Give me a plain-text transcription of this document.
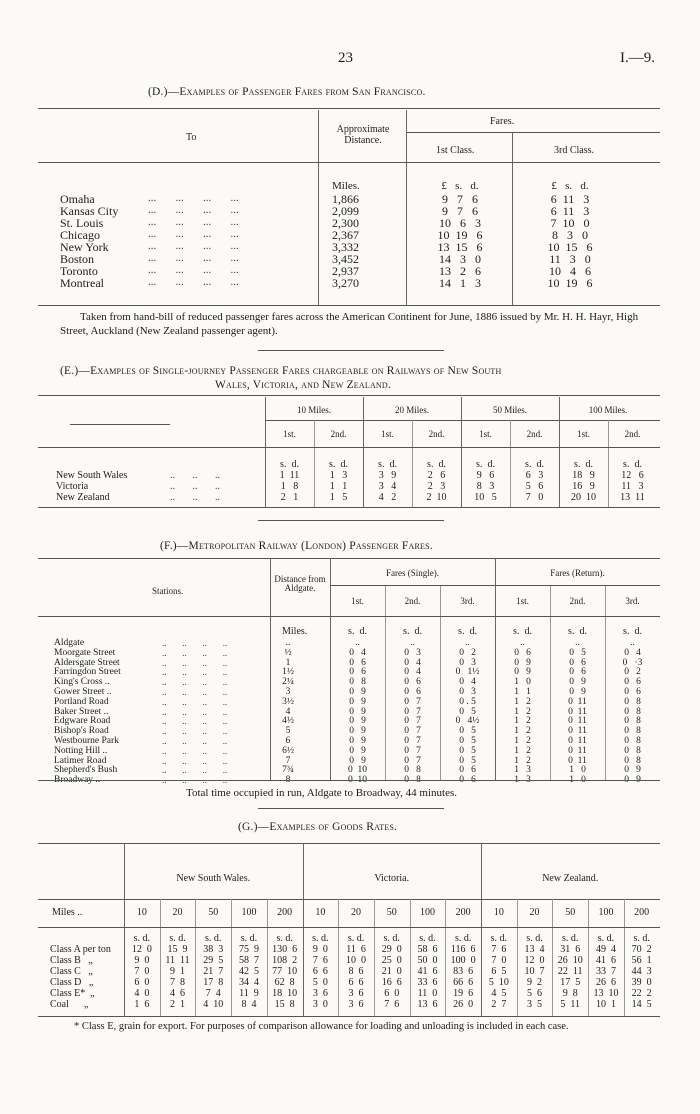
23	I.—9.
(D.)—Examples of Passenger Fares from San Francisco.
To
Approximate Distance.
Fares.
1st Class.	3rd Class.
Miles.	£   s.   d.	£   s.   d.
Omaha	...       ...       ...       ...	1,866	9   7   6	6  11   3
Kansas City	...       ...       ...       ...	2,099	9   7   6	6  11   3
St. Louis	...       ...       ...       ...	2,300	10   6   3	7  10   0
Chicago	...       ...       ...       ...	2,367	10  19   6	8   3   0
New York	...       ...       ...       ...	3,332	13  15   6	10  15   6
Boston	...       ...       ...       ...	3,452	14   3   0	11   3   0
Toronto	...       ...       ...       ...	2,937	13   2   6	10   4   6
Montreal	...       ...       ...       ...	3,270	14   1   3	10  19   6
Taken from hand-bill of reduced passenger fares across the American Continent for June, 1886 issued by Mr. H. H. Hayr, High Street, Auckland (New Zealand passenger agent).
(E.)—Examples of Single-journey Passenger Fares chargeable on Railways of New South
Wales, Victoria, and New Zealand.
10 Miles.	20 Miles.	50 Miles.	100 Miles.
1st.	2nd.	1st.	2nd.	1st.	2nd.	1st.	2nd.
s.  d.	s.  d.	s.  d.	s.  d.	s.  d.	s.  d.	s.  d.	s.  d.
New South Wales	..       ..       ..	1  11	1   3	3   9	2   6	9   6	6   3	18   9	12   6
Victoria	..       ..       ..	1   8	1   1	3   4	2   3	8   3	5   6	16   9	11   3
New Zealand	..       ..       ..	2   1	1   5	4   2	2  10	10   5	7   0	20  10	13  11
(F.)—Metropolitan Railway (London) Passenger Fares.
Stations.
Distance from Aldgate.
Fares (Single).	Fares (Return).
1st.	2nd.	3rd.	1st.	2nd.	3rd.
Miles.	s.  d.	s.  d.	s.  d.	s.  d.	s.  d.	s.  d.
Aldgate	..       ..       ..       ..	..	..	..	..	..	..	..
Moorgate Street	..       ..       ..       ..	½	0   4	0   3	0   2	0   6	0   5	0   4
Aldersgate Street	..       ..       ..       ..	1	0   6	0   4	0   3	0   9	0   6	0   ·3
Farringdon Street	..       ..       ..       ..	1½	0   6	0   4	0   1½	0   9	0   6	0   2
King's Cross ..	..       ..       ..       ..	2¼	0   8	0   6	0   4	1   0	0   9	0   6
Gower Street ..	..       ..       ..       ..	3	0   9	0   6	0   3	1   1	0   9	0   6
Portland Road	..       ..       ..       ..	3½	0   9	0   7	0 . 5	1   2	0  11	0   8
Baker Street ..	..       ..       ..       ..	4	0   9	0   7	0   5	1   2	0  11	0   8
Edgware Road	..       ..       ..       ..	4½	0   9	0   7	0   4½	1   2	0  11	0   8
Bishop's Road	..       ..       ..       ..	5	0   9	0   7	0   5	1   2	0  11	0   8
Westbourne Park	..       ..       ..       ..	6	0   9	0   7	0   5	1   2	0  11	0   8
Notting Hill ..	..       ..       ..       ..	6½	0   9	0   7	0   5	1   2	0  11	0   8
Latimer Road	..       ..       ..       ..	7	0   9	0   7	0   5	1   2	0  11	0   8
Shepherd's Bush	..       ..       ..       ..	7¾	0  10	0   8	0   6	1   3	1   0	0   9
Broadway ..	..       ..       ..       ..	8	0  10	0   8	0   6	1   3	1   0	0   9
Total time occupied in run, Aldgate to Broadway, 44 minutes.
(G.)—Examples of Goods Rates.
New South Wales.	Victoria.	New Zealand.
Miles ..	10	20	50	100	200	10	20	50	100	200	10	20	50	100	200
s. d.	s. d.	s. d.	s. d.	s. d.	s. d.	s. d.	s. d.	s. d.	s. d.	s. d.	s. d.	s. d.	s. d.	s. d.
Class A per ton	12  0	15  9	38  3	75  9	130  6	9  0	11  6	29  0	58  6	116  6	7  6	13  4	31  6	49  4	70  2
Class B   „	9  0	11  11	29  5	58  7	108  2	7  6	10  0	25  0	50  0	100  0	7  0	12  0	26  10	41  6	56  1
Class C   „	7  0	9  1	21  7	42  5	77  10	6  6	8  6	21  0	41  6	83  6	6  5	10  7	22  11	33  7	44  3
Class D   „	6  0	7  8	17  8	34  4	62  8	5  0	6  6	16  6	33  6	66  6	5  10	9  2	17  5	26  6	39  0
Class E*  „	4  0	4  6	7  4	11  9	18  10	3  6	3  6	6  0	11  0	19  6	4  5	5  6	9  8	13  10	22  2
Coal      „	1  6	2  1	4  10	8  4	15  8	3  0	3  6	7  6	13  6	26  0	2  7	3  5	5  11	10  1	14  5
* Class E, grain for export. For purposes of comparison allowance for loading and unloading is included in each case.
